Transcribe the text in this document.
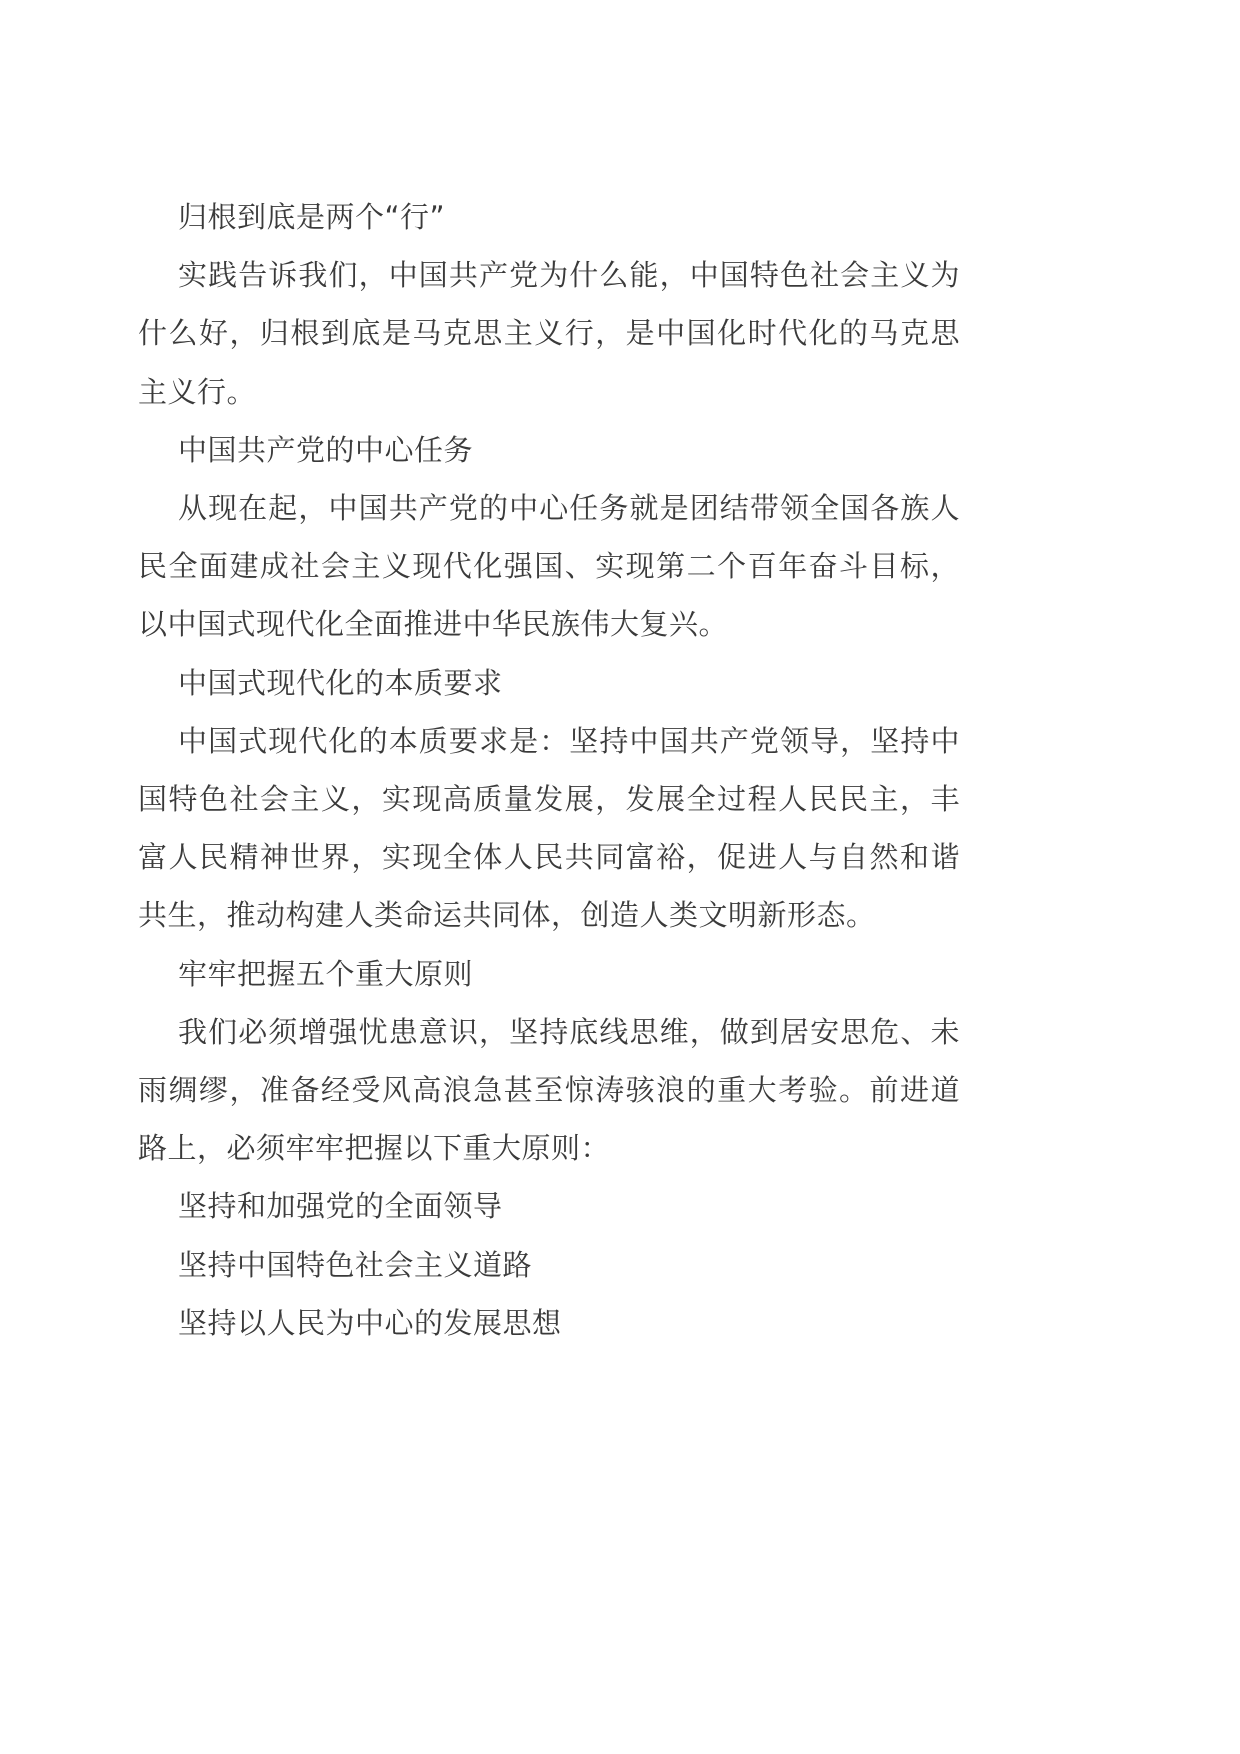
归根到底是两个“行”

实践告诉我们，中国共产党为什么能，中国特色社会主义为什么好，归根到底是马克思主义行，是中国化时代化的马克思主义行。

中国共产党的中心任务

从现在起，中国共产党的中心任务就是团结带领全国各族人民全面建成社会主义现代化强国、实现第二个百年奋斗目标，以中国式现代化全面推进中华民族伟大复兴。

中国式现代化的本质要求

中国式现代化的本质要求是：坚持中国共产党领导，坚持中国特色社会主义，实现高质量发展，发展全过程人民民主，丰富人民精神世界，实现全体人民共同富裕，促进人与自然和谐共生，推动构建人类命运共同体，创造人类文明新形态。

牢牢把握五个重大原则

我们必须增强忧患意识，坚持底线思维，做到居安思危、未雨绸缪，准备经受风高浪急甚至惊涛骇浪的重大考验。前进道路上，必须牢牢把握以下重大原则：

坚持和加强党的全面领导

坚持中国特色社会主义道路

坚持以人民为中心的发展思想
